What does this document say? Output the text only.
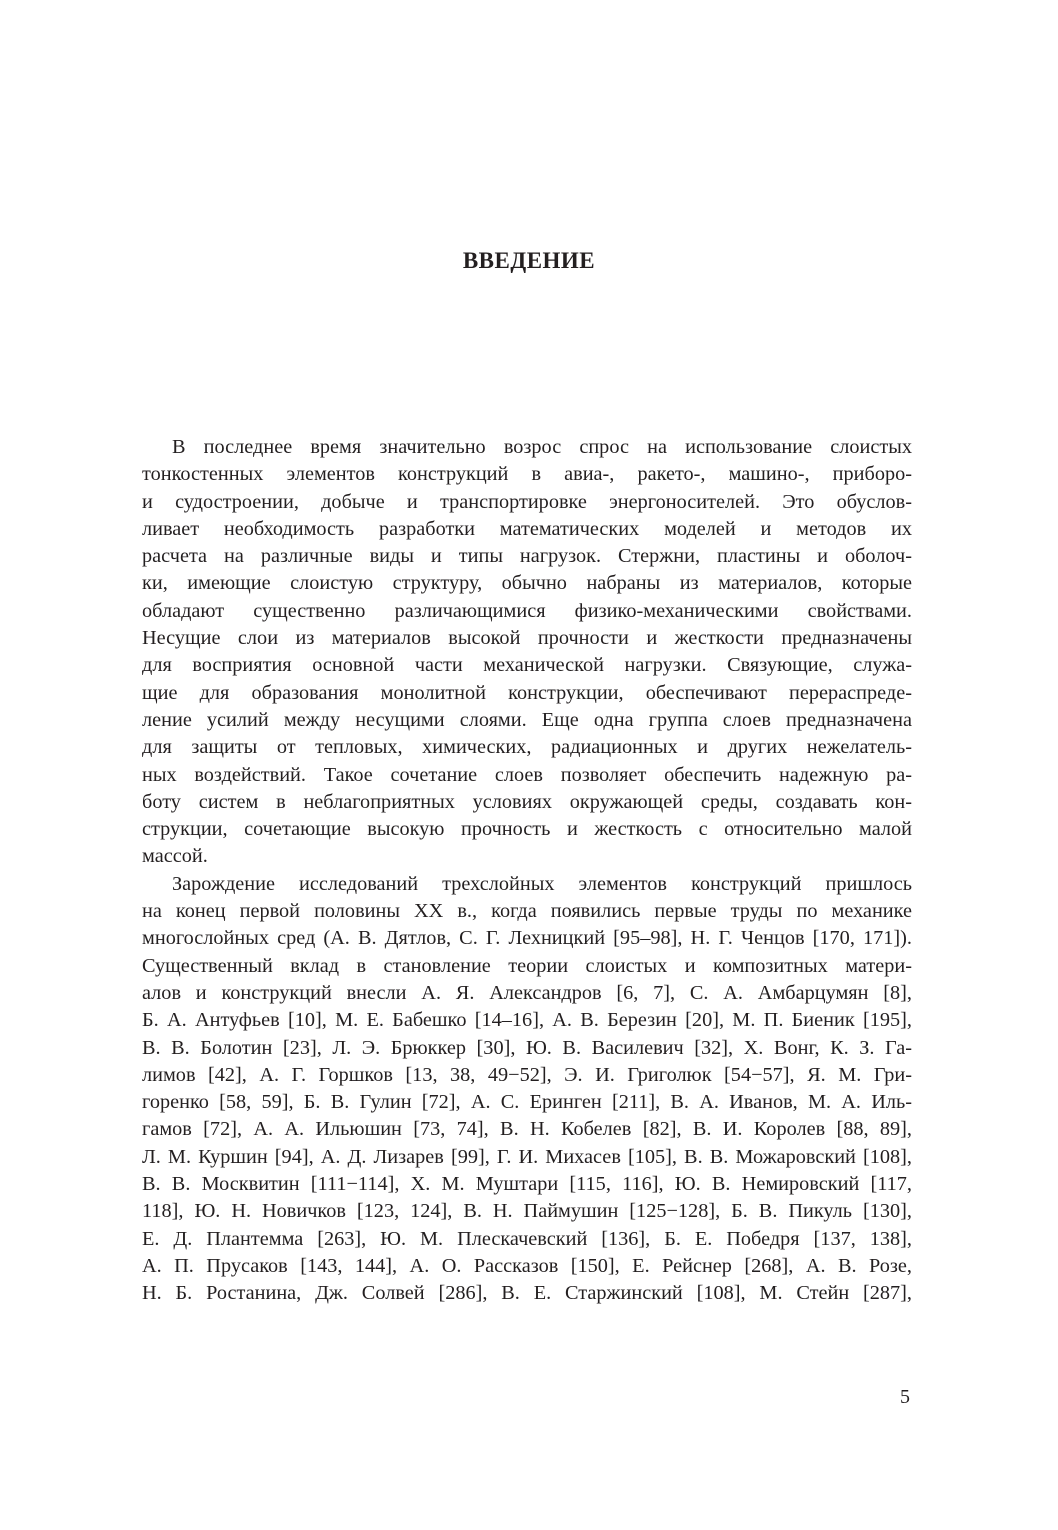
ВВЕДЕНИЕ

В последнее время значительно возрос спрос на использование слоистых
тонкостенных элементов конструкций в авиа-, ракето-, машино-, приборо-
и судостроении, добыче и транспортировке энергоносителей. Это обуслов-
ливает необходимость разработки математических моделей и методов их
расчета на различные виды и типы нагрузок. Стержни, пластины и оболоч-
ки, имеющие слоистую структуру, обычно набраны из материалов, которые
обладают существенно различающимися физико-механическими свойствами.
Несущие слои из материалов высокой прочности и жесткости предназначены
для восприятия основной части механической нагрузки. Связующие, служа-
щие для образования монолитной конструкции, обеспечивают перераспреде-
ление усилий между несущими слоями. Еще одна группа слоев предназначена
для защиты от тепловых, химических, радиационных и других нежелатель-
ных воздействий. Такое сочетание слоев позволяет обеспечить надежную ра-
боту систем в неблагоприятных условиях окружающей среды, создавать кон-
струкции, сочетающие высокую прочность и жесткость с относительно малой
массой.

Зарождение исследований трехслойных элементов конструкций пришлось
на конец первой половины XX в., когда появились первые труды по механике
многослойных сред (А. В. Дятлов, С. Г. Лехницкий [95–98], Н. Г. Ченцов [170, 171]).
Существенный вклад в становление теории слоистых и композитных матери-
алов и конструкций внесли А. Я. Александров [6, 7], С. А. Амбарцумян [8],
Б. А. Антуфьев [10], М. Е. Бабешко [14–16], А. В. Березин [20], М. П. Биеник [195],
В. В. Болотин [23], Л. Э. Брюккер [30], Ю. В. Василевич [32], Х. Вонг, К. З. Га-
лимов [42], А. Г. Горшков [13, 38, 49−52], Э. И. Григолюк [54−57], Я. М. Гри-
горенко [58, 59], Б. В. Гулин [72], А. С. Еринген [211], В. А. Иванов, М. А. Иль-
гамов [72], А. А. Ильюшин [73, 74], В. Н. Кобелев [82], В. И. Королев [88, 89],
Л. М. Куршин [94], А. Д. Лизарев [99], Г. И. Михасев [105], В. В. Можаровский [108],
В. В. Москвитин [111−114], Х. М. Муштари [115, 116], Ю. В. Немировский [117,
118], Ю. Н. Новичков [123, 124], В. Н. Паймушин [125−128], Б. В. Пикуль [130],
Е. Д. Плантемма [263], Ю. М. Плескачевский [136], Б. Е. Победря [137, 138],
А. П. Прусаков [143, 144], А. О. Рассказов [150], Е. Рейснер [268], А. В. Розе,
Н. Б. Ростанина, Дж. Солвей [286], В. Е. Старжинский [108], М. Стейн [287],

5
